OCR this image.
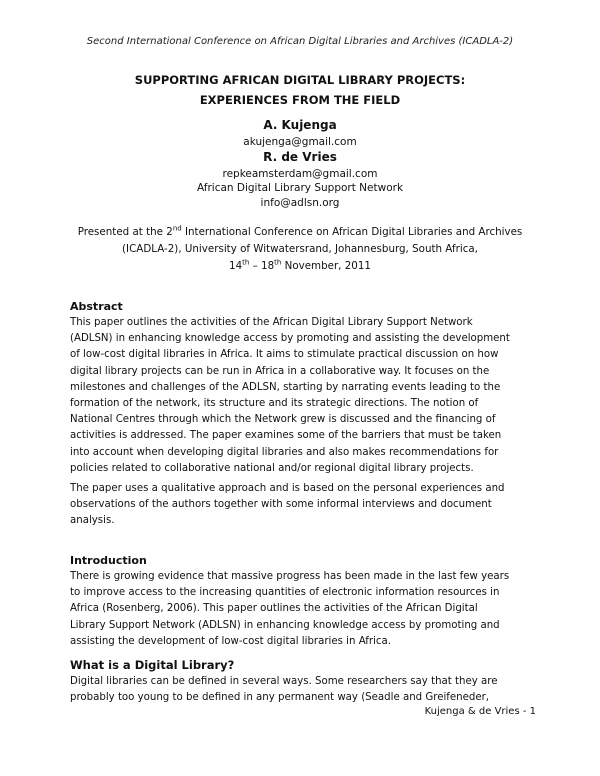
Second International Conference on African Digital Libraries and Archives (ICADLA-2)
SUPPORTING AFRICAN DIGITAL LIBRARY PROJECTS:
EXPERIENCES FROM THE FIELD
A. Kujenga
akujenga@gmail.com
R. de Vries
repkeamsterdam@gmail.com
African Digital Library Support Network
info@adlsn.org
Presented at the 2nd International Conference on African Digital Libraries and Archives
(ICADLA-2), University of Witwatersrand, Johannesburg, South Africa,
14th – 18th November, 2011
Abstract
This paper outlines the activities of the African Digital Library Support Network
(ADLSN) in enhancing knowledge access by promoting and assisting the development
of low-cost digital libraries in Africa. It aims to stimulate practical discussion on how
digital library projects can be run in Africa in a collaborative way. It focuses on the
milestones and challenges of the ADLSN, starting by narrating events leading to the
formation of the network, its structure and its strategic directions. The notion of
National Centres through which the Network grew is discussed and the financing of
activities is addressed. The paper examines some of the barriers that must be taken
into account when developing digital libraries and also makes recommendations for
policies related to collaborative national and/or regional digital library projects.
The paper uses a qualitative approach and is based on the personal experiences and
observations of the authors together with some informal interviews and document
analysis.
Introduction
There is growing evidence that massive progress has been made in the last few years
to improve access to the increasing quantities of electronic information resources in
Africa (Rosenberg, 2006). This paper outlines the activities of the African Digital
Library Support Network (ADLSN) in enhancing knowledge access by promoting and
assisting the development of low-cost digital libraries in Africa.
What is a Digital Library?
Digital libraries can be defined in several ways. Some researchers say that they are
probably too young to be defined in any permanent way (Seadle and Greifeneder,
Kujenga & de Vries - 1
